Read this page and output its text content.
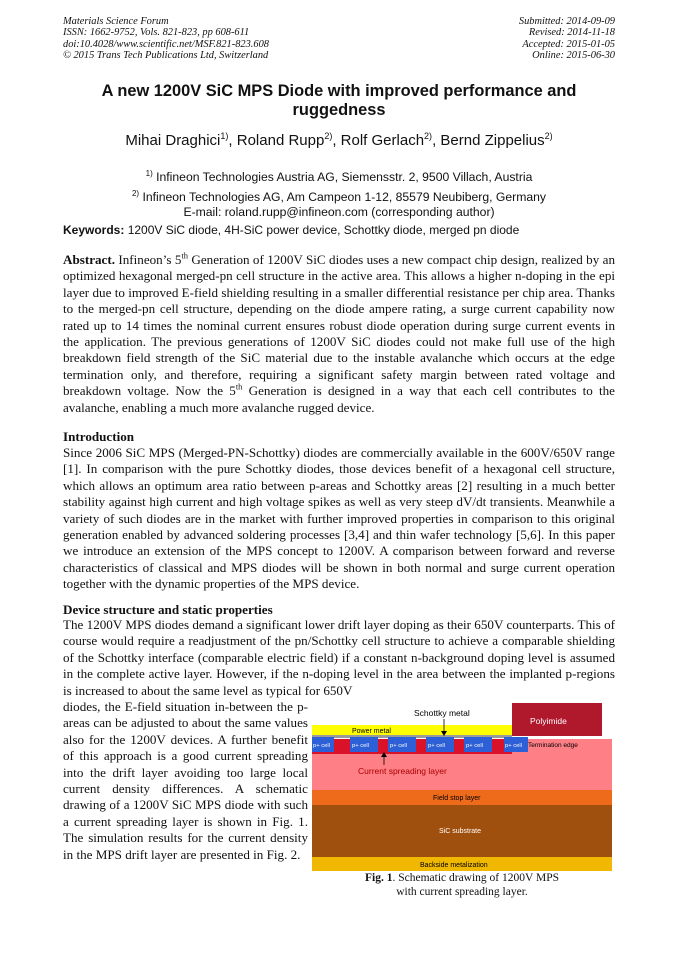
Materials Science Forum
ISSN: 1662-9752, Vols. 821-823, pp 608-611
doi:10.4028/www.scientific.net/MSF.821-823.608
© 2015 Trans Tech Publications Ltd, Switzerland
Submitted: 2014-09-09
Revised: 2014-11-18
Accepted: 2015-01-05
Online: 2015-06-30
A new 1200V SiC MPS Diode with improved performance and
ruggedness
Mihai Draghici$^{1)}$, Roland Rupp$^{2)}$, Rolf Gerlach$^{2)}$, Bernd Zippelius$^{2)}$
$^{1)}$ Infineon Technologies Austria AG, Siemensstr. 2, 9500 Villach, Austria
$^{2)}$ Infineon Technologies AG, Am Campeon 1-12, 85579 Neubiberg, Germany
E-mail: roland.rupp@infineon.com (corresponding author)
Keywords: 1200V SiC diode, 4H-SiC power device, Schottky diode, merged pn diode
Abstract. Infineon’s 5th Generation of 1200V SiC diodes uses a new compact chip design, realized by an optimized hexagonal merged-pn cell structure in the active area. This allows a higher n-doping in the epi layer due to improved E-field shielding resulting in a smaller differential resistance per chip area. Thanks to the merged-pn cell structure, depending on the diode ampere rating, a surge current capability now rated up to 14 times the nominal current ensures robust diode operation during surge current events in the application. The previous generations of 1200V SiC diodes could not make full use of the high breakdown field strength of the SiC material due to the instable avalanche which occurs at the edge termination only, and therefore, requiring a significant safety margin between rated voltage and breakdown voltage. Now the 5th Generation is designed in a way that each cell contributes to the avalanche, enabling a much more avalanche rugged device.
Introduction
Since 2006 SiC MPS (Merged-PN-Schottky) diodes are commercially available in the 600V/650V range [1]. In comparison with the pure Schottky diodes, those devices benefit of a hexagonal cell structure, which allows an optimum area ratio between p-areas and Schottky areas [2] resulting in a much better stability against high current and high voltage spikes as well as very steep dV/dt transients. Meanwhile a variety of such diodes are in the market with further improved properties in comparison to this original generation enabled by advanced soldering processes [3,4] and thin wafer technology [5,6]. In this paper we introduce an extension of the MPS concept to 1200V. A comparison between forward and reverse characteristics of classical and MPS diodes will be shown in both normal and surge current operation together with the dynamic properties of the MPS device.
Device structure and static properties
The 1200V MPS diodes demand a significant lower drift layer doping as their 650V counterparts. This of course would require a readjustment of the pn/Schottky cell structure to achieve a comparable shielding of the Schottky interface (comparable electric field) if a constant n-background doping level is assumed in the complete active layer. However, if the n-doping level in the area between the implanted p-regions is increased to about the same level as typical for 650V
diodes, the E-field situation in-between the p-areas can be adjusted to about the same values also for the 1200V devices. A further benefit of this approach is a good current spreading into the drift layer avoiding too large local current density differences. A schematic drawing of a 1200V SiC MPS diode with such a current spreading layer is shown in Fig. 1. The simulation results for the current density in the MPS drift layer are presented in Fig. 2.
Schottky metal
Polyimide
Power metal
p+ cell	p+ cell	p+ cell	p+ cell	p+ cell	p+ cell Termination edge
Current spreading layer
Field stop layer
SiC substrate
Backside metalization
Fig. 1. Schematic drawing of 1200V MPS
with current spreading layer.
